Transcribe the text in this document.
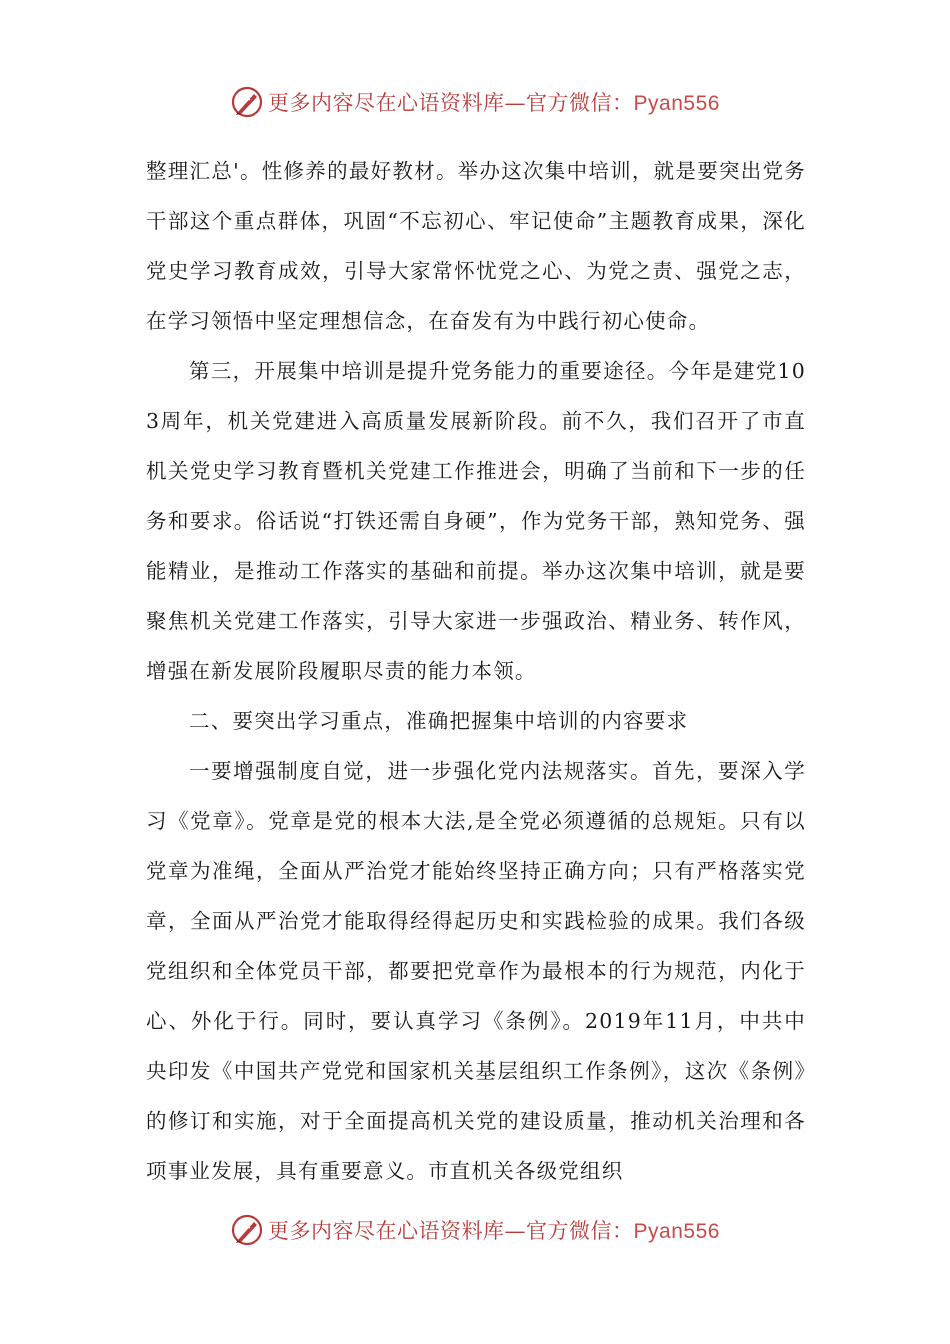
更多内容尽在心语资料库—官方微信：Pyan556

整理汇总'。性修养的最好教材。举办这次集中培训，就是要突出党务干部这个重点群体，巩固“不忘初心、牢记使命”主题教育成果，深化党史学习教育成效，引导大家常怀忧党之心、为党之责、强党之志，在学习领悟中坚定理想信念，在奋发有为中践行初心使命。

第三，开展集中培训是提升党务能力的重要途径。今年是建党103周年，机关党建进入高质量发展新阶段。前不久，我们召开了市直机关党史学习教育暨机关党建工作推进会，明确了当前和下一步的任务和要求。俗话说“打铁还需自身硬”，作为党务干部，熟知党务、强能精业，是推动工作落实的基础和前提。举办这次集中培训，就是要聚焦机关党建工作落实，引导大家进一步强政治、精业务、转作风，增强在新发展阶段履职尽责的能力本领。

二、要突出学习重点，准确把握集中培训的内容要求

一要增强制度自觉，进一步强化党内法规落实。首先，要深入学习《党章》。党章是党的根本大法,是全党必须遵循的总规矩。只有以党章为准绳，全面从严治党才能始终坚持正确方向；只有严格落实党章，全面从严治党才能取得经得起历史和实践检验的成果。我们各级党组织和全体党员干部，都要把党章作为最根本的行为规范，内化于心、外化于行。同时，要认真学习《条例》。2019年11月，中共中央印发《中国共产党党和国家机关基层组织工作条例》，这次《条例》的修订和实施，对于全面提高机关党的建设质量，推动机关治理和各项事业发展，具有重要意义。市直机关各级党组织

更多内容尽在心语资料库—官方微信：Pyan556
